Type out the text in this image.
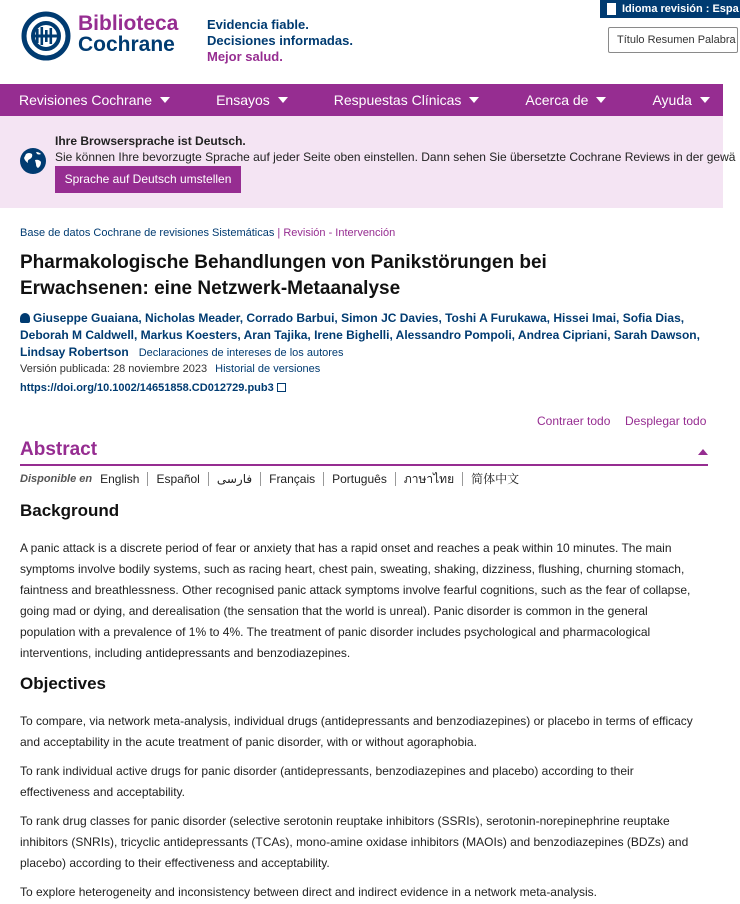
Biblioteca
Cochrane
Evidencia fiable.
Decisiones informadas.
Mejor salud.
Idioma revisión : Espa
Título Resumen Palabra
Revisiones Cochrane	Ensayos	Respuestas Clínicas	Acerca de	Ayuda
Ihre Browsersprache ist Deutsch.
Sie können Ihre bevorzugte Sprache auf jeder Seite oben einstellen. Dann sehen Sie übersetzte Cochrane Reviews in der gewä
Sprache auf Deutsch umstellen
Base de datos Cochrane de revisiones Sistemáticas | Revisión - Intervención
Pharmakologische Behandlungen von Panikstörungen bei Erwachsenen: eine Netzwerk‐Metaanalyse
Giuseppe Guaiana, Nicholas Meader, Corrado Barbui, Simon JC Davies, Toshi A Furukawa, Hissei Imai, Sofia Dias, Deborah M Caldwell, Markus Koesters, Aran Tajika, Irene Bighelli, Alessandro Pompoli, Andrea Cipriani, Sarah Dawson, Lindsay Robertson Declaraciones de intereses de los autores
Versión publicada: 28 noviembre 2023 Historial de versiones
https://doi.org/10.1002/14651858.CD012729.pub3
Contraer todo Desplegar todo
Abstract
Disponible en English	Español	فارسی	Français	Português	ภาษาไทย	简体中文
Background

A panic attack is a discrete period of fear or anxiety that has a rapid onset and reaches a peak within 10 minutes. The main symptoms involve bodily systems, such as racing heart, chest pain, sweating, shaking, dizziness, flushing, churning stomach, faintness and breathlessness. Other recognised panic attack symptoms involve fearful cognitions, such as the fear of collapse, going mad or dying, and derealisation (the sensation that the world is unreal). Panic disorder is common in the general population with a prevalence of 1% to 4%. The treatment of panic disorder includes psychological and pharmacological interventions, including antidepressants and benzodiazepines.

Objectives

To compare, via network meta-analysis, individual drugs (antidepressants and benzodiazepines) or placebo in terms of efficacy and acceptability in the acute treatment of panic disorder, with or without agoraphobia.

To rank individual active drugs for panic disorder (antidepressants, benzodiazepines and placebo) according to their effectiveness and acceptability.

To rank drug classes for panic disorder (selective serotonin reuptake inhibitors (SSRIs), serotonin-norepinephrine reuptake inhibitors (SNRIs), tricyclic antidepressants (TCAs), mono-amine oxidase inhibitors (MAOIs) and benzodiazepines (BDZs) and placebo) according to their effectiveness and acceptability.

To explore heterogeneity and inconsistency between direct and indirect evidence in a network meta-analysis.
